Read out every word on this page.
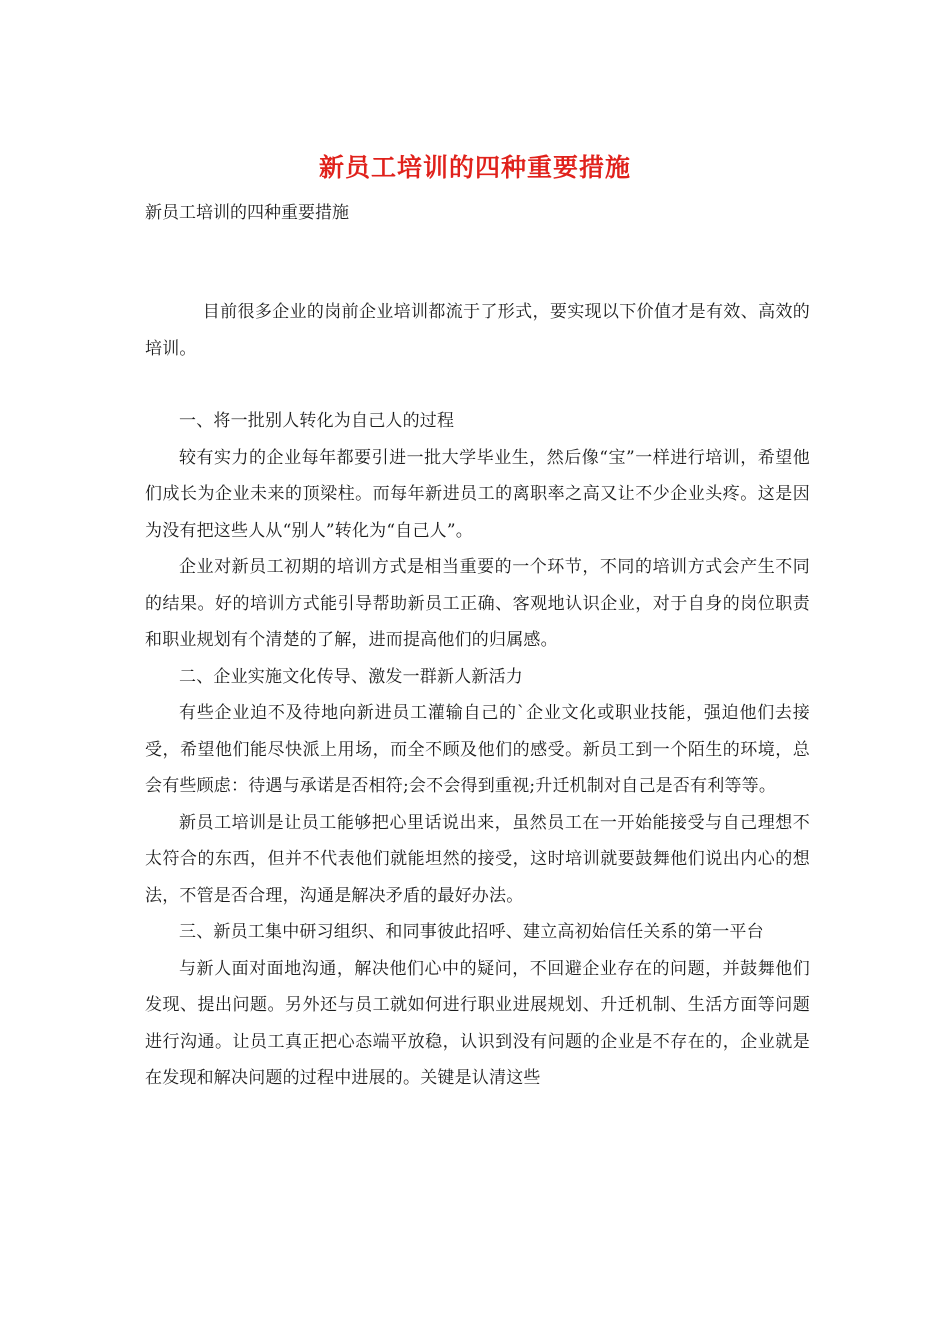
新员工培训的四种重要措施
新员工培训的四种重要措施

目前很多企业的岗前企业培训都流于了形式，要实现以下价值才是有效、高效的培训。

一、将一批别人转化为自己人的过程

较有实力的企业每年都要引进一批大学毕业生，然后像“宝”一样进行培训，希望他们成长为企业未来的顶梁柱。而每年新进员工的离职率之高又让不少企业头疼。这是因为没有把这些人从“别人”转化为“自己人”。

企业对新员工初期的培训方式是相当重要的一个环节，不同的培训方式会产生不同的结果。好的培训方式能引导帮助新员工正确、客观地认识企业，对于自身的岗位职责和职业规划有个清楚的了解，进而提高他们的归属感。

二、企业实施文化传导、激发一群新人新活力

有些企业迫不及待地向新进员工灌输自己的`企业文化或职业技能，强迫他们去接受，希望他们能尽快派上用场，而全不顾及他们的感受。新员工到一个陌生的环境，总会有些顾虑：待遇与承诺是否相符;会不会得到重视;升迁机制对自己是否有利等等。

新员工培训是让员工能够把心里话说出来，虽然员工在一开始能接受与自己理想不太符合的东西，但并不代表他们就能坦然的接受，这时培训就要鼓舞他们说出内心的想法，不管是否合理，沟通是解决矛盾的最好办法。

三、新员工集中研习组织、和同事彼此招呼、建立高初始信任关系的第一平台

与新人面对面地沟通，解决他们心中的疑问，不回避企业存在的问题，并鼓舞他们发现、提出问题。另外还与员工就如何进行职业进展规划、升迁机制、生活方面等问题进行沟通。让员工真正把心态端平放稳，认识到没有问题的企业是不存在的，企业就是在发现和解决问题的过程中进展的。关键是认清这些
